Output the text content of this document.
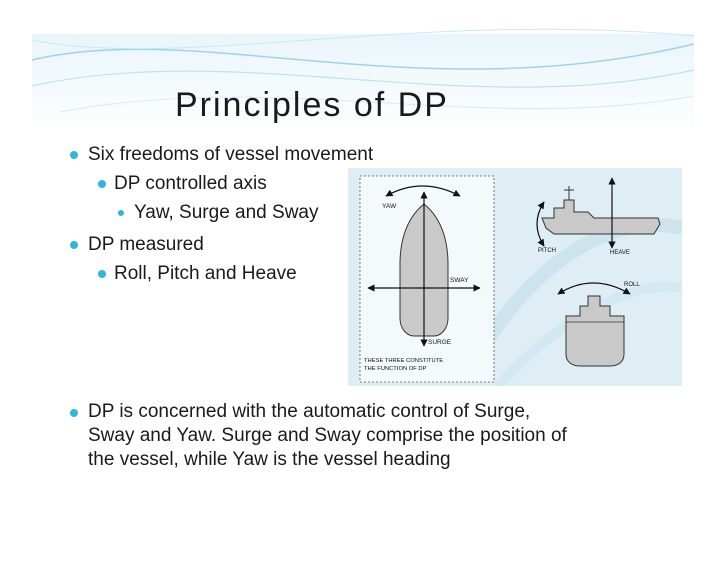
Principles of DP
Six freedoms of vessel movement
DP controlled axis
Yaw, Surge and Sway
DP measured
Roll, Pitch and Heave
YAW
SWAY
SURGE
THESE THREE CONSTITUTE
THE FUNCTION OF DP
PITCH	HEAVE
ROLL
DP is concerned with the automatic control of Surge,
Sway and Yaw. Surge and Sway comprise the position of
the vessel, while Yaw is the vessel heading
